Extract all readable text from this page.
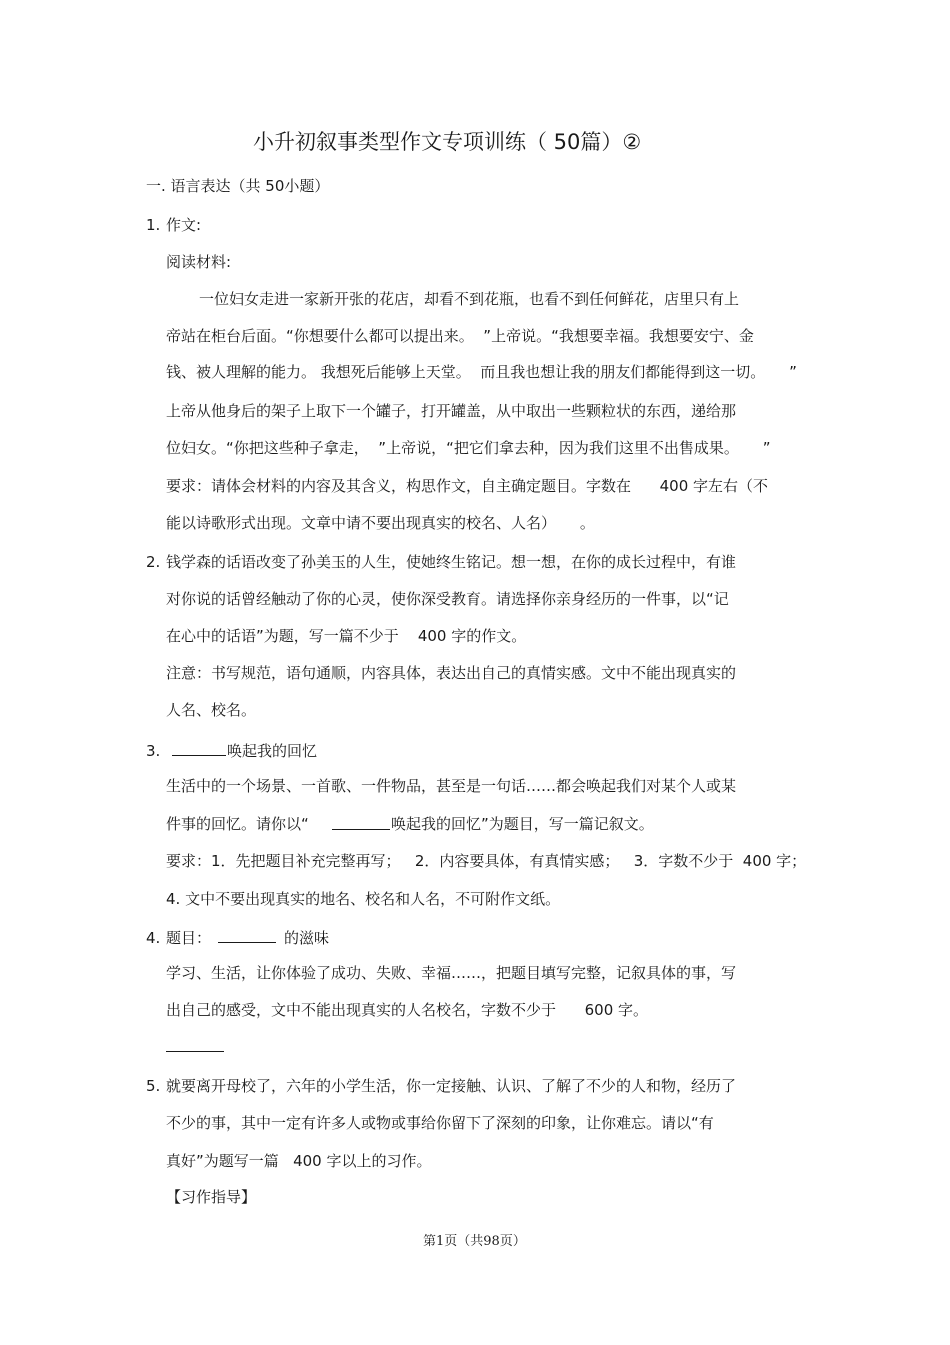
小升初叙事类型作文专项训练（ 50篇）②
一. 语言表达（共 50小题）
1. 作文:
阅读材料:
一位妇女走进一家新开张的花店，却看不到花瓶，也看不到任何鲜花，店里只有上
帝站在柜台后面。“你想要什么都可以提出来。  ”上帝说。“我想要幸福。我想要安宁、金
钱、被人理解的能力。 我想死后能够上天堂。  而且我也想让我的朋友们都能得到这一切。     ”
上帝从他身后的架子上取下一个罐子，打开罐盖，从中取出一些颗粒状的东西，递给那
位妇女。“你把这些种子拿走，  ”上帝说，“把它们拿去种，因为我们这里不出售成果。     ”
要求：请体会材料的内容及其含义，构思作文，自主确定题目。字数在      400 字左右（不
能以诗歌形式出现。文章中请不要出现真实的校名、人名）     。
2. 钱学森的话语改变了孙美玉的人生，使她终生铭记。想一想，在你的成长过程中，有谁
对你说的话曾经触动了你的心灵，使你深受教育。请选择你亲身经历的一件事，以“记
在心中的话语”为题，写一篇不少于    400 字的作文。
注意：书写规范，语句通顺，内容具体，表达出自己的真情实感。文中不能出现真实的
人名、校名。
3.	唤起我的回忆
生活中的一个场景、一首歌、一件物品，甚至是一句话……都会唤起我们对某个人或某
件事的回忆。请你以“	唤起我的回忆”为题目，写一篇记叙文。
要求：1．先把题目补充完整再写；   2．内容要具体，有真情实感；   3．字数不少于  400 字；
4. 文中不要出现真实的地名、校名和人名，不可附作文纸。
4. 题目：	的滋味
学习、生活，让你体验了成功、失败、幸福……，把题目填写完整，记叙具体的事，写
出自己的感受，文中不能出现真实的人名校名，字数不少于      600 字。
5. 就要离开母校了，六年的小学生活，你一定接触、认识、了解了不少的人和物，经历了
不少的事，其中一定有许多人或物或事给你留下了深刻的印象，让你难忘。请以“有
真好”为题写一篇   400 字以上的习作。
【习作指导】
第1页（共98页）
